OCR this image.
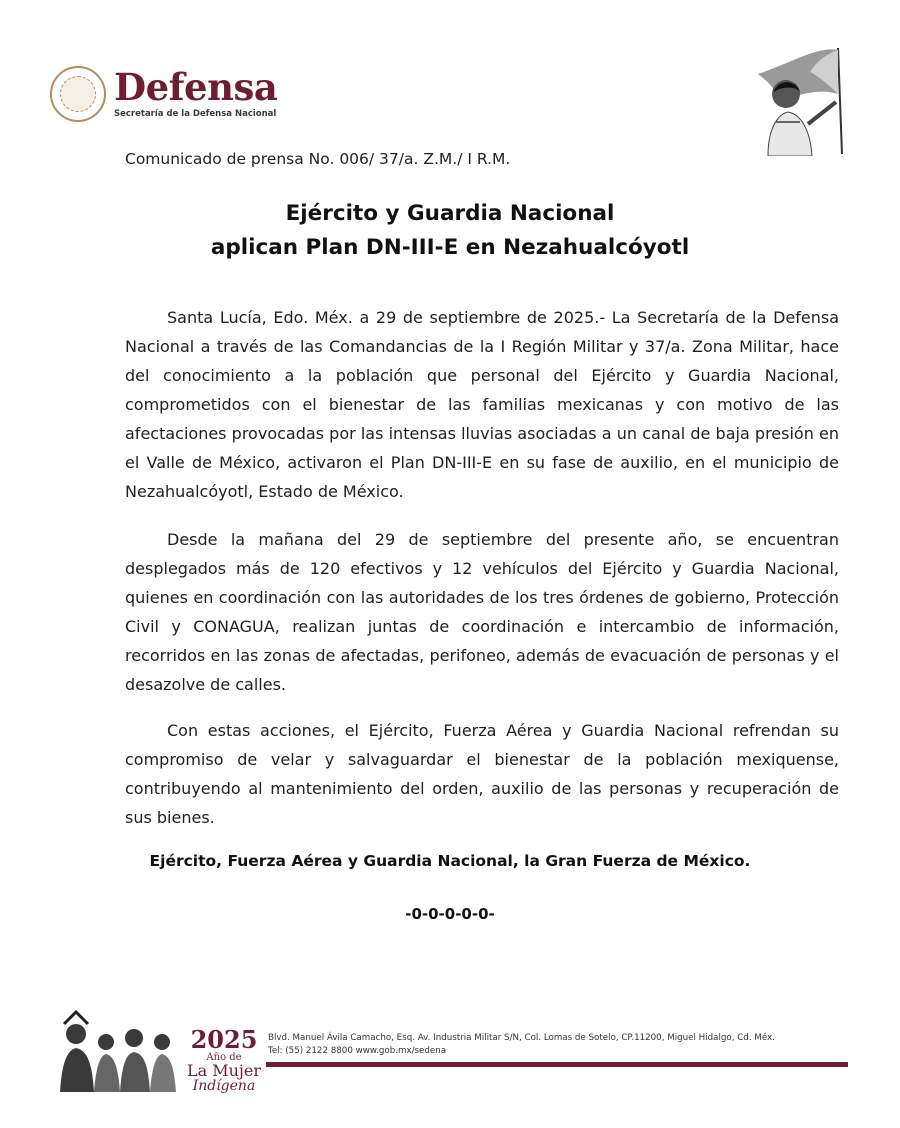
Defensa
Secretaría de la Defensa Nacional
Comunicado de prensa No. 006/ 37/a. Z.M./ I R.M.
Ejército y Guardia Nacional
aplican Plan DN-III-E en Nezahualcóyotl

Santa Lucía, Edo. Méx. a 29 de septiembre de 2025.- La Secretaría de la Defensa Nacional a través de las Comandancias de la I Región Militar y 37/a. Zona Militar, hace del conocimiento a la población que personal del Ejército y Guardia Nacional, comprometidos con el bienestar de las familias mexicanas y con motivo de las afectaciones provocadas por las intensas lluvias asociadas a un canal de baja presión en el Valle de México, activaron el Plan DN-III-E en su fase de auxilio, en el municipio de Nezahualcóyotl, Estado de México.

Desde la mañana del 29 de septiembre del presente año, se encuentran desplegados más de 120 efectivos y 12 vehículos del Ejército y Guardia Nacional, quienes en coordinación con las autoridades de los tres órdenes de gobierno, Protección Civil y CONAGUA, realizan juntas de coordinación e intercambio de información, recorridos en las zonas de afectadas, perifoneo, además de evacuación de personas y el desazolve de calles.

Con estas acciones, el Ejército, Fuerza Aérea y Guardia Nacional refrendan su compromiso de velar y salvaguardar el bienestar de la población mexiquense, contribuyendo al mantenimiento del orden, auxilio de las personas y recuperación de sus bienes.

Ejército, Fuerza Aérea y Guardia Nacional, la Gran Fuerza de México.
-0-0-0-0-0-
2025
Año de
La Mujer
Indígena
Blvd. Manuel Ávila Camacho, Esq. Av. Industria Militar S/N, Col. Lomas de Sotelo, CP.11200, Miguel Hidalgo, Cd. Méx.
Tel: (55) 2122 8800 www.gob.mx/sedena
